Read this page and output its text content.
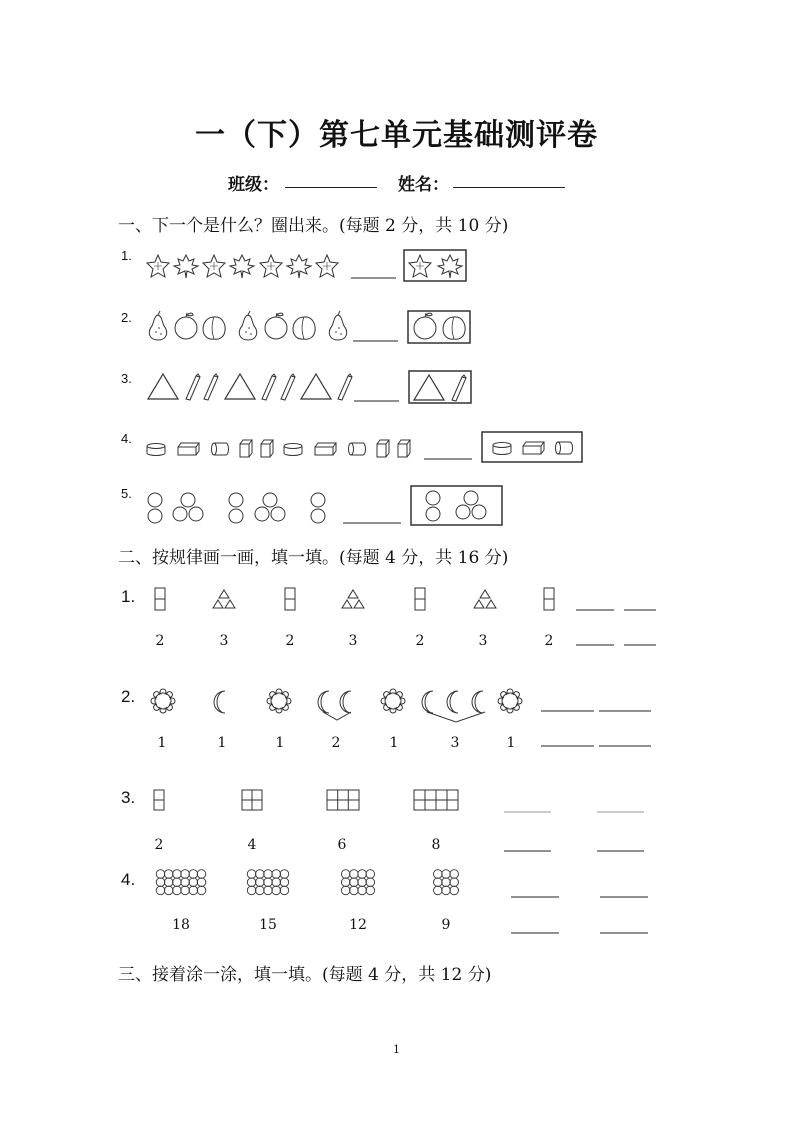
一（下）第七单元基础测评卷
班级：	姓名：
一、下一个是什么？圈出来。(每题 2 分，共 10 分)
1.
2.
3.
4.
5.
二、按规律画一画，填一填。(每题 4 分，共 16 分)
1.
2	3	2	3	2	3	2
2.
1	1	1	2	1	3	1
3.
2	4	6	8
4.
18	15	12	9
三、接着涂一涂，填一填。(每题 4 分，共 12 分)
1
